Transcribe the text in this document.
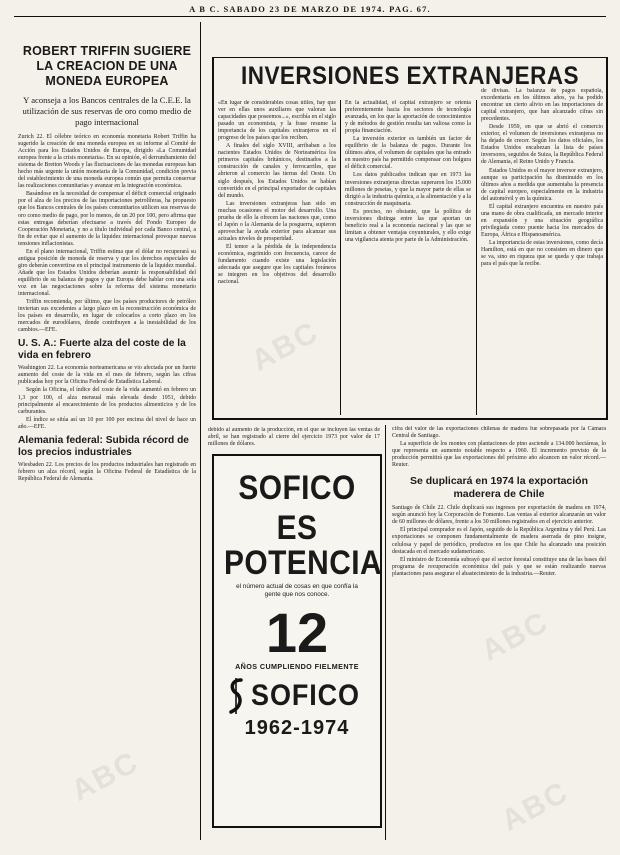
A B C. SABADO 23 DE MARZO DE 1974. PAG. 67.
ROBERT TRIFFIN SUGIERE LA CREACION DE UNA MONEDA EUROPEA

Y aconseja a los Bancos centrales de la C.E.E. la utilización de sus reservas de oro como medio de pago internacional

Zurich 22. El célebre teórico en economía monetaria Robert Triffin ha sugerido la creación de una moneda europea en su informe al Comité de Acción para los Estados Unidos de Europa, dirigido «La Comunidad europea frente a la crisis monetaria». En su opinión, el derrumbamiento del sistema de Bretton Woods y las fluctuaciones de las monedas europeas han hecho más urgente la unión monetaria de la Comunidad, condición previa del establecimiento de una moneda europea común que permita conservar las realizaciones comunitarias y avanzar en la integración económica.

Basándose en la necesidad de compensar el déficit comercial originado por el alza de los precios de las importaciones petrolíferas, ha propuesto que los Bancos centrales de los países comunitarios utilicen sus reservas de oro como medio de pago, por lo menos, de un 20 por 100, pero afirma que estas entregas deberían efectuarse a través del Fondo Europeo de Cooperación Monetaria, y no a título individual por cada Banco central, a fin de evitar que el aumento de la liquidez internacional provoque nuevas tensiones inflacionistas.

En el plano internacional, Triffin estima que el dólar no recuperará su antigua posición de moneda de reserva y que los derechos especiales de giro deberán convertirse en el principal instrumento de la liquidez mundial. Añade que los Estados Unidos deberían asumir la responsabilidad del equilibrio de su balanza de pagos y que Europa debe hablar con una sola voz en las negociaciones sobre la reforma del sistema monetario internacional.

Triffin recomienda, por último, que los países productores de petróleo inviertan sus excedentes a largo plazo en la reconstrucción económica de los países en desarrollo, en lugar de colocarlos a corto plazo en los mercados de eurodólares, donde contribuyen a la inestabilidad de los cambios.—EFE.

U. S. A.: Fuerte alza del coste de la vida en febrero

Washington 22. La economía norteamericana se vio afectada por un fuerte aumento del coste de la vida en el mes de febrero, según las cifras publicadas hoy por la Oficina Federal de Estadística Laboral.

Según la Oficina, el índice del coste de la vida aumentó en febrero un 1,3 por 100, el alza mensual más elevada desde 1951, debido principalmente al encarecimiento de los productos alimenticios y de los carburantes.

El índice se sitúa así un 10 por 100 por encima del nivel de hace un año.—EFE.

Alemania federal: Subida récord de los precios industriales

Wiesbaden 22. Los precios de los productos industriales han registrado en febrero un alza récord, según la Oficina Federal de Estadística de la República Federal de Alemania.

INVERSIONES EXTRANJERAS

«En lugar de considerables cosas útiles, hay que ver en ellas unos auxiliares que valoran las capacidades que poseemos...», escribía en el siglo pasado un economista, y la frase resume la importancia de los capitales extranjeros en el progreso de los países que los reciben.

A finales del siglo XVIII, arribaban a los nacientes Estados Unidos de Norteamérica los primeros capitales británicos, destinados a la construcción de canales y ferrocarriles, que abrieron al comercio las tierras del Oeste. Un siglo después, los Estados Unidos se habían convertido en el principal exportador de capitales del mundo.

Las inversiones extranjeras han sido en muchas ocasiones el motor del desarrollo. Una prueba de ello la ofrecen las naciones que, como el Japón o la Alemania de la posguerra, supieron aprovechar la ayuda exterior para alcanzar sus actuales niveles de prosperidad.

El temor a la pérdida de la independencia económica, esgrimido con frecuencia, carece de fundamento cuando existe una legislación adecuada que asegure que los capitales foráneos se integren en los objetivos del desarrollo nacional.

En la actualidad, el capital extranjero se orienta preferentemente hacia los sectores de tecnología avanzada, en los que la aportación de conocimientos y de métodos de gestión resulta tan valiosa como la propia financiación.

La inversión exterior es también un factor de equilibrio de la balanza de pagos. Durante los últimos años, el volumen de capitales que ha entrado en nuestro país ha permitido compensar con holgura el déficit comercial.

Los datos publicados indican que en 1973 las inversiones extranjeras directas superaron los 15.000 millones de pesetas, y que la mayor parte de ellas se dirigió a la industria química, a la alimentación y a la construcción de maquinaria.

Es preciso, no obstante, que la política de inversiones distinga entre las que aportan un beneficio real a la economía nacional y las que se limitan a obtener ventajas coyunturales, y ello exige una vigilancia atenta por parte de la Administración.

de divisas. La balanza de pagos española, excedentaria en los últimos años, ya ha podido encontrar un cierto alivio en las importaciones de capital extranjero, que han alcanzado cifras sin precedentes.

Desde 1959, en que se abrió el comercio exterior, el volumen de inversiones extranjeras no ha dejado de crecer. Según los datos oficiales, los Estados Unidos encabezan la lista de países inversores, seguidos de Suiza, la República Federal de Alemania, el Reino Unido y Francia.

Estados Unidos es el mayor inversor extranjero, aunque su participación ha disminuido en los últimos años a medida que aumentaba la presencia de capital europeo, especialmente en la industria del automóvil y en la química.

El capital extranjero encuentra en nuestro país una mano de obra cualificada, un mercado interior en expansión y una situación geográfica privilegiada como puente hacia los mercados de Europa, África e Hispanoamérica.

La importancia de estas inversiones, como decía Hamilton, está en que no consisten en dinero que se va, sino en riqueza que se queda y que trabaja para el país que la recibe.

debido al aumento de la producción, en el que se incluyen las ventas de abril, se han registrado al cierre del ejercicio 1973 por valor de 17 millones de dólares.

SOFICO
ES
POTENCIA
el número actual de cosas en que confía la gente que nos conoce.
12
AÑOS CUMPLIENDO FIELMENTE
SOFICO
1962-1974

cifra del valor de las exportaciones chilenas de madera fue sobrepasada por la Cámara Central de Santiago.

La superficie de los montes con plantaciones de pino asciende a 134.000 hectáreas, lo que representa un aumento notable respecto a 1960. El incremento previsto de la producción permitirá que las exportaciones del próximo año alcancen un valor récord.—Reuter.

Se duplicará en 1974 la exportación maderera de Chile

Santiago de Chile 22. Chile duplicará sus ingresos por exportación de madera en 1974, según anunció hoy la Corporación de Fomento. Las ventas al exterior alcanzarán un valor de 60 millones de dólares, frente a los 30 millones registrados en el ejercicio anterior.

El principal comprador es el Japón, seguido de la República Argentina y del Perú. Las exportaciones se componen fundamentalmente de madera aserrada de pino insigne, celulosa y papel de periódico, productos en los que Chile ha alcanzado una posición destacada en el mercado sudamericano.

El ministro de Economía subrayó que el sector forestal constituye una de las bases del programa de recuperación económica del país y que se están realizando nuevas plantaciones para asegurar el abastecimiento de la industria.—Reuter.

ABC	ABC
ABC
ABC
